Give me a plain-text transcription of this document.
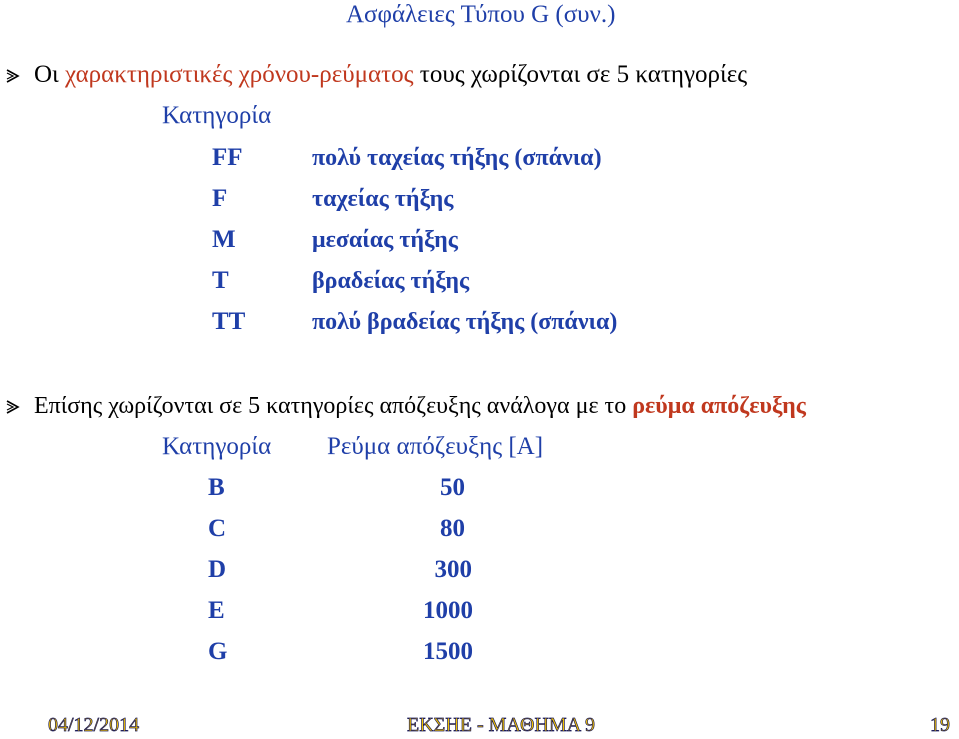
Ασφάλειες Τύπου G (συν.)
Οι χαρακτηριστικές χρόνου-ρεύματος τους χωρίζονται σε 5 κατηγορίες
Κατηγορία
FF	πολύ ταχείας τήξης (σπάνια)
F	ταχείας τήξης
M	μεσαίας τήξης
T	βραδείας τήξης
TT	πολύ βραδείας τήξης (σπάνια)
Επίσης χωρίζονται σε 5 κατηγορίες απόζευξης ανάλογα με το ρεύμα απόζευξης
Κατηγορία Ρεύμα απόζευξης [A]
B	50
C	80
D	300
E	1000
G	1500
04/12/2014	ΕΚΣΗΕ - ΜΑΘΗΜΑ 9	19
